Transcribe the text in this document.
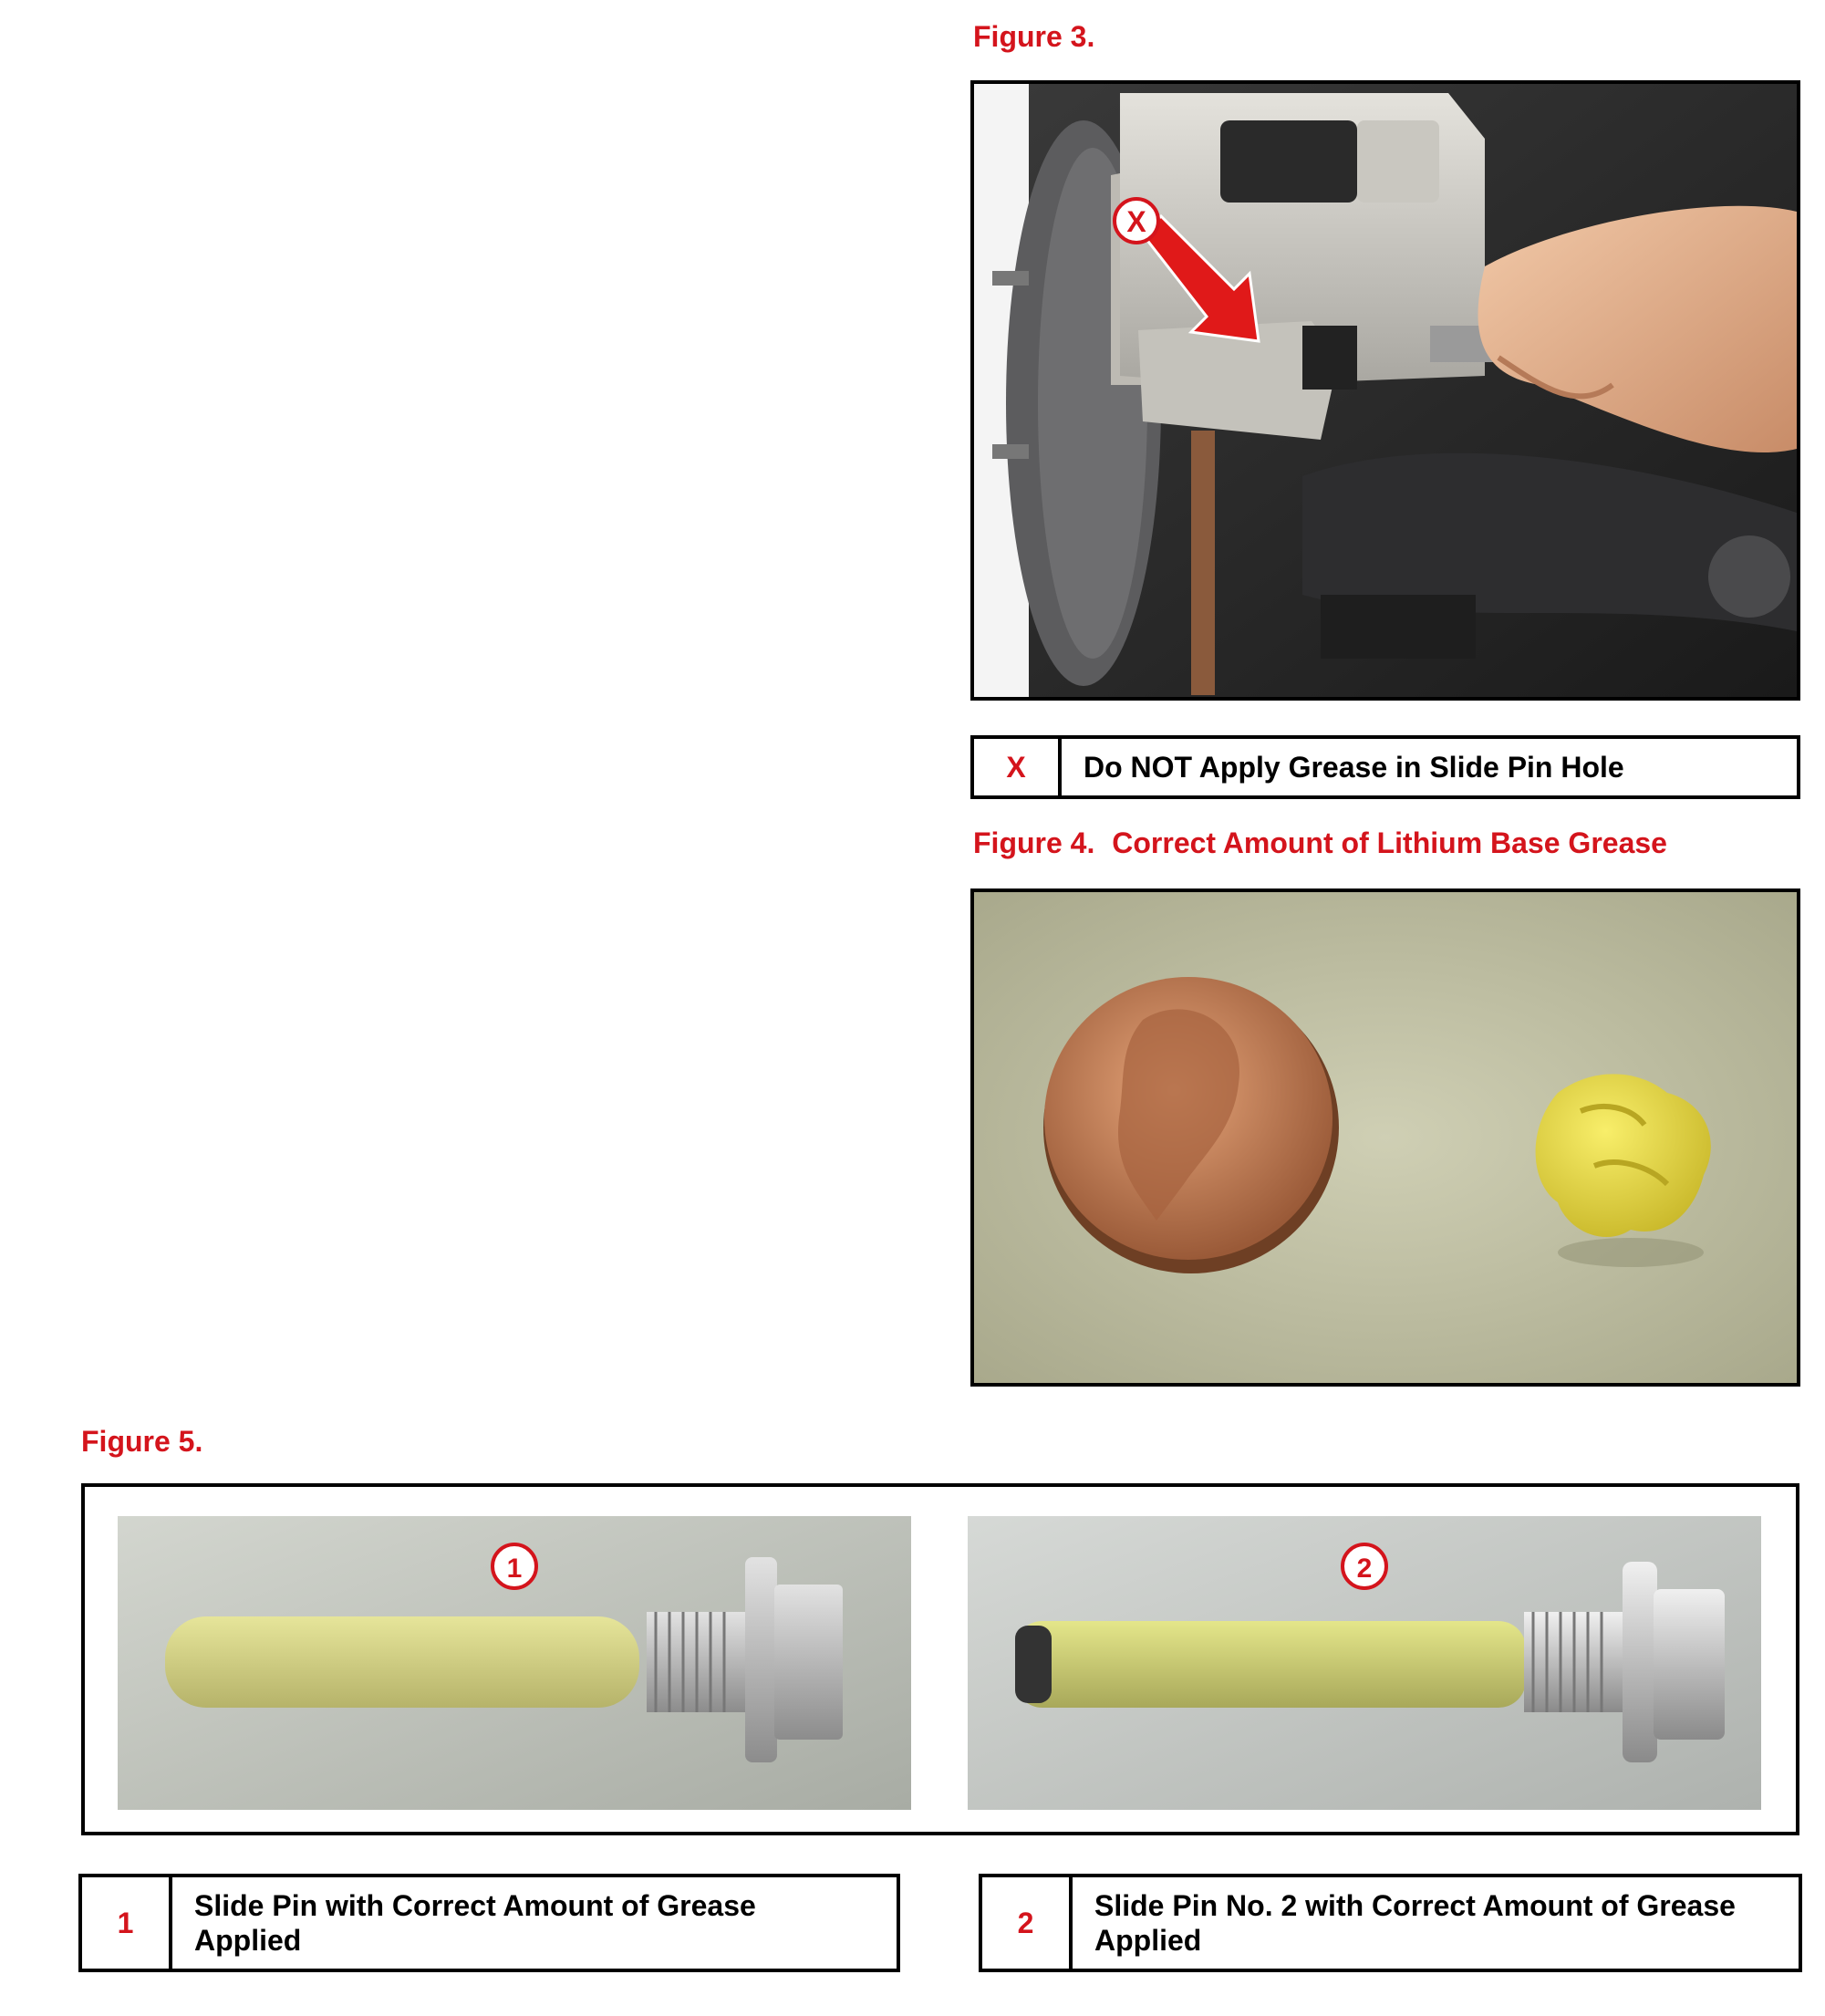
Figure 3.
X
X	Do NOT Apply Grease in Slide Pin Hole
Figure 4. Correct Amount of Lithium Base Grease
Figure 5.
1	2
1
Slide Pin with Correct Amount of Grease Applied
2
Slide Pin No. 2 with Correct Amount of Grease Applied
